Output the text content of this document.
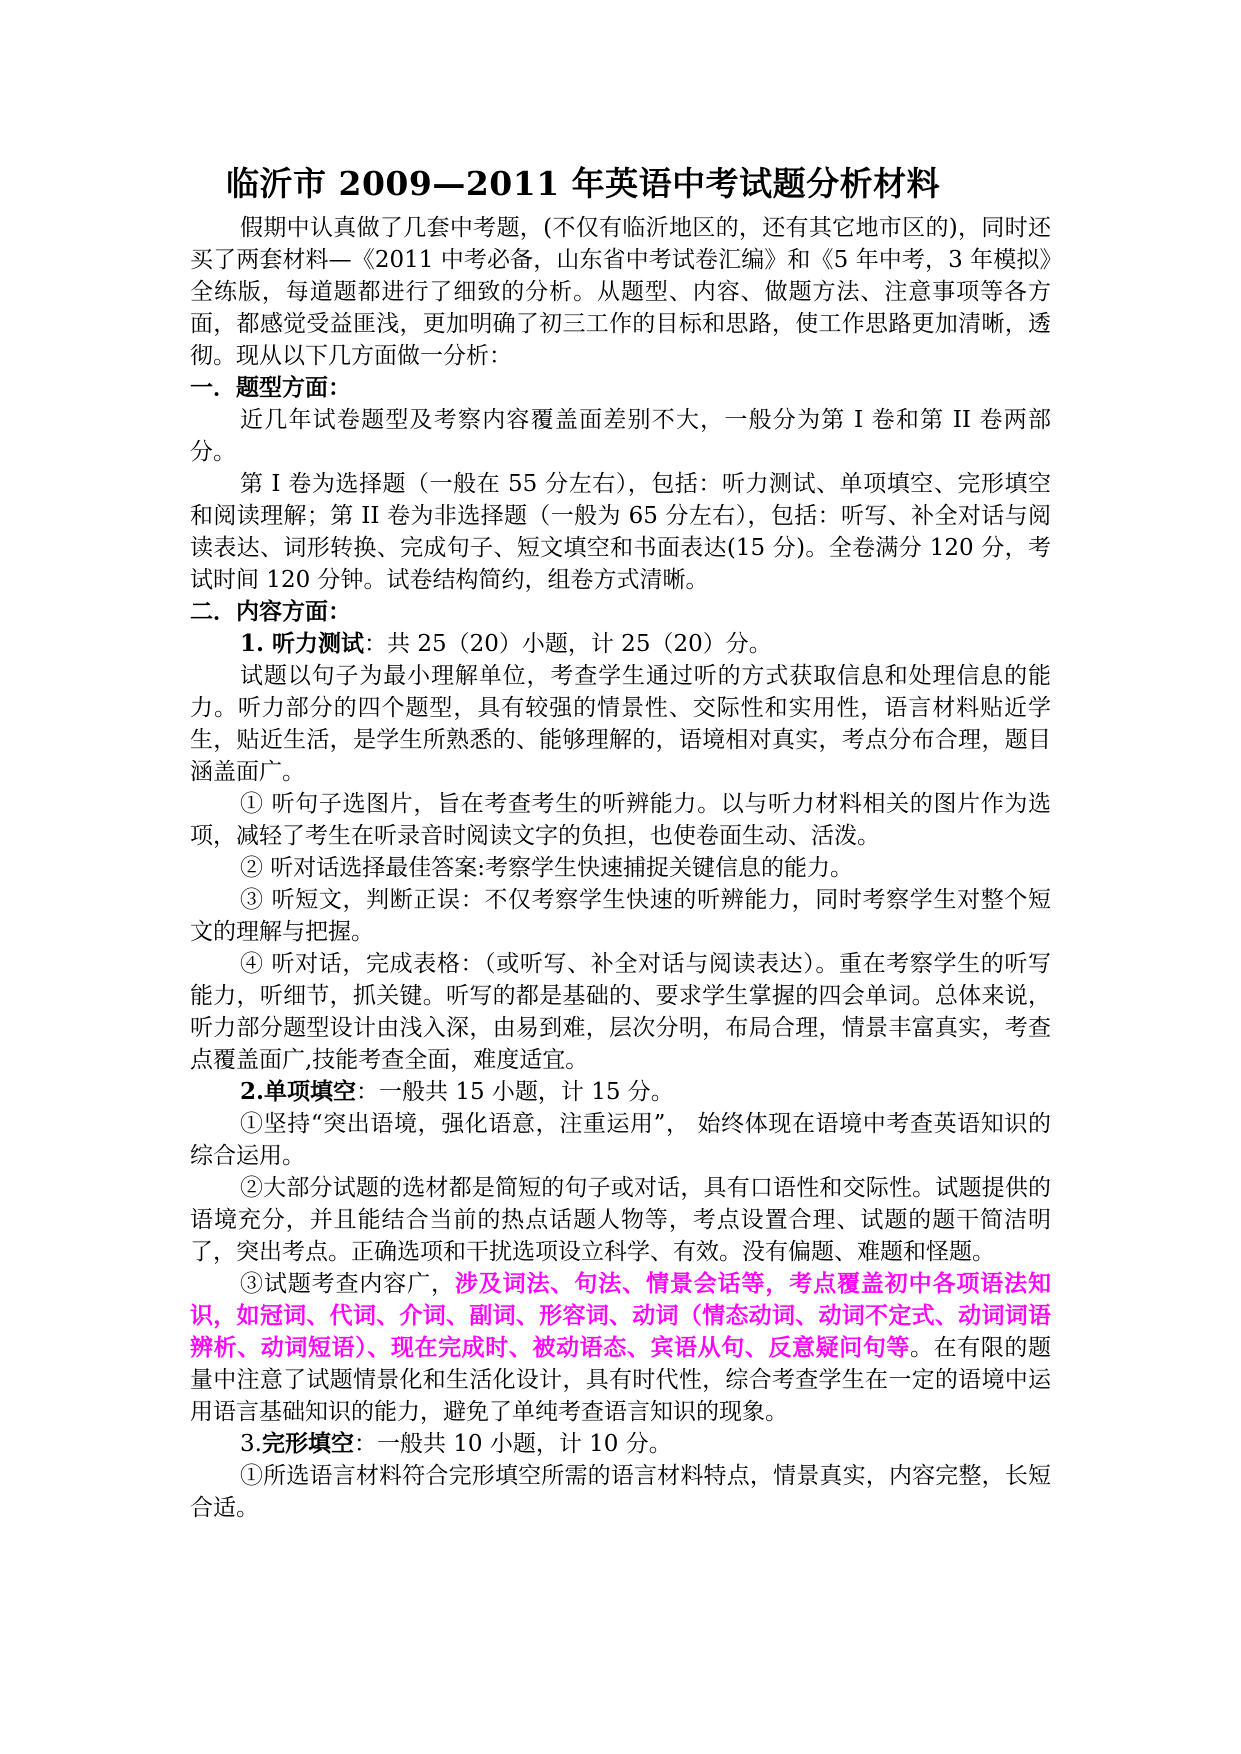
临沂市 2009—2011 年英语中考试题分析材料

假期中认真做了几套中考题，(不仅有临沂地区的，还有其它地市区的)，同时还买了两套材料—《2011 中考必备，山东省中考试卷汇编》和《5 年中考，3 年模拟》全练版，每道题都进行了细致的分析。从题型、内容、做题方法、注意事项等各方面，都感觉受益匪浅，更加明确了初三工作的目标和思路，使工作思路更加清晰，透彻。现从以下几方面做一分析：

一．题型方面：

近几年试卷题型及考察内容覆盖面差别不大，一般分为第 I 卷和第 II 卷两部分。

第 I 卷为选择题（一般在 55 分左右），包括：听力测试、单项填空、完形填空和阅读理解；第 II 卷为非选择题（一般为 65 分左右），包括：听写、补全对话与阅读表达、词形转换、完成句子、短文填空和书面表达(15 分)。全卷满分 120 分，考试时间 120 分钟。试卷结构简约，组卷方式清晰。

二．内容方面：

1. 听力测试：共 25（20）小题，计 25（20）分。

试题以句子为最小理解单位，考查学生通过听的方式获取信息和处理信息的能力。听力部分的四个题型，具有较强的情景性、交际性和实用性，语言材料贴近学生，贴近生活，是学生所熟悉的、能够理解的，语境相对真实，考点分布合理，题目涵盖面广。

① 听句子选图片，旨在考查考生的听辨能力。以与听力材料相关的图片作为选项，减轻了考生在听录音时阅读文字的负担，也使卷面生动、活泼。

② 听对话选择最佳答案:考察学生快速捕捉关键信息的能力。

③ 听短文，判断正误：不仅考察学生快速的听辨能力，同时考察学生对整个短文的理解与把握。

④ 听对话，完成表格：（或听写、补全对话与阅读表达）。重在考察学生的听写能力，听细节，抓关键。听写的都是基础的、要求学生掌握的四会单词。总体来说，听力部分题型设计由浅入深，由易到难，层次分明，布局合理，情景丰富真实，考查点覆盖面广,技能考查全面，难度适宜。

2.单项填空：一般共 15 小题，计 15 分。

①坚持“突出语境，强化语意，注重运用”， 始终体现在语境中考查英语知识的综合运用。

②大部分试题的选材都是简短的句子或对话，具有口语性和交际性。试题提供的语境充分，并且能结合当前的热点话题人物等，考点设置合理、试题的题干简洁明了，突出考点。正确选项和干扰选项设立科学、有效。没有偏题、难题和怪题。

③试题考查内容广，涉及词法、句法、情景会话等，考点覆盖初中各项语法知识，如冠词、代词、介词、副词、形容词、动词（情态动词、动词不定式、动词词语辨析、动词短语）、现在完成时、被动语态、宾语从句、反意疑问句等。在有限的题量中注意了试题情景化和生活化设计，具有时代性，综合考查学生在一定的语境中运用语言基础知识的能力，避免了单纯考查语言知识的现象。

3.完形填空：一般共 10 小题，计 10 分。

①所选语言材料符合完形填空所需的语言材料特点，情景真实，内容完整，长短合适。
